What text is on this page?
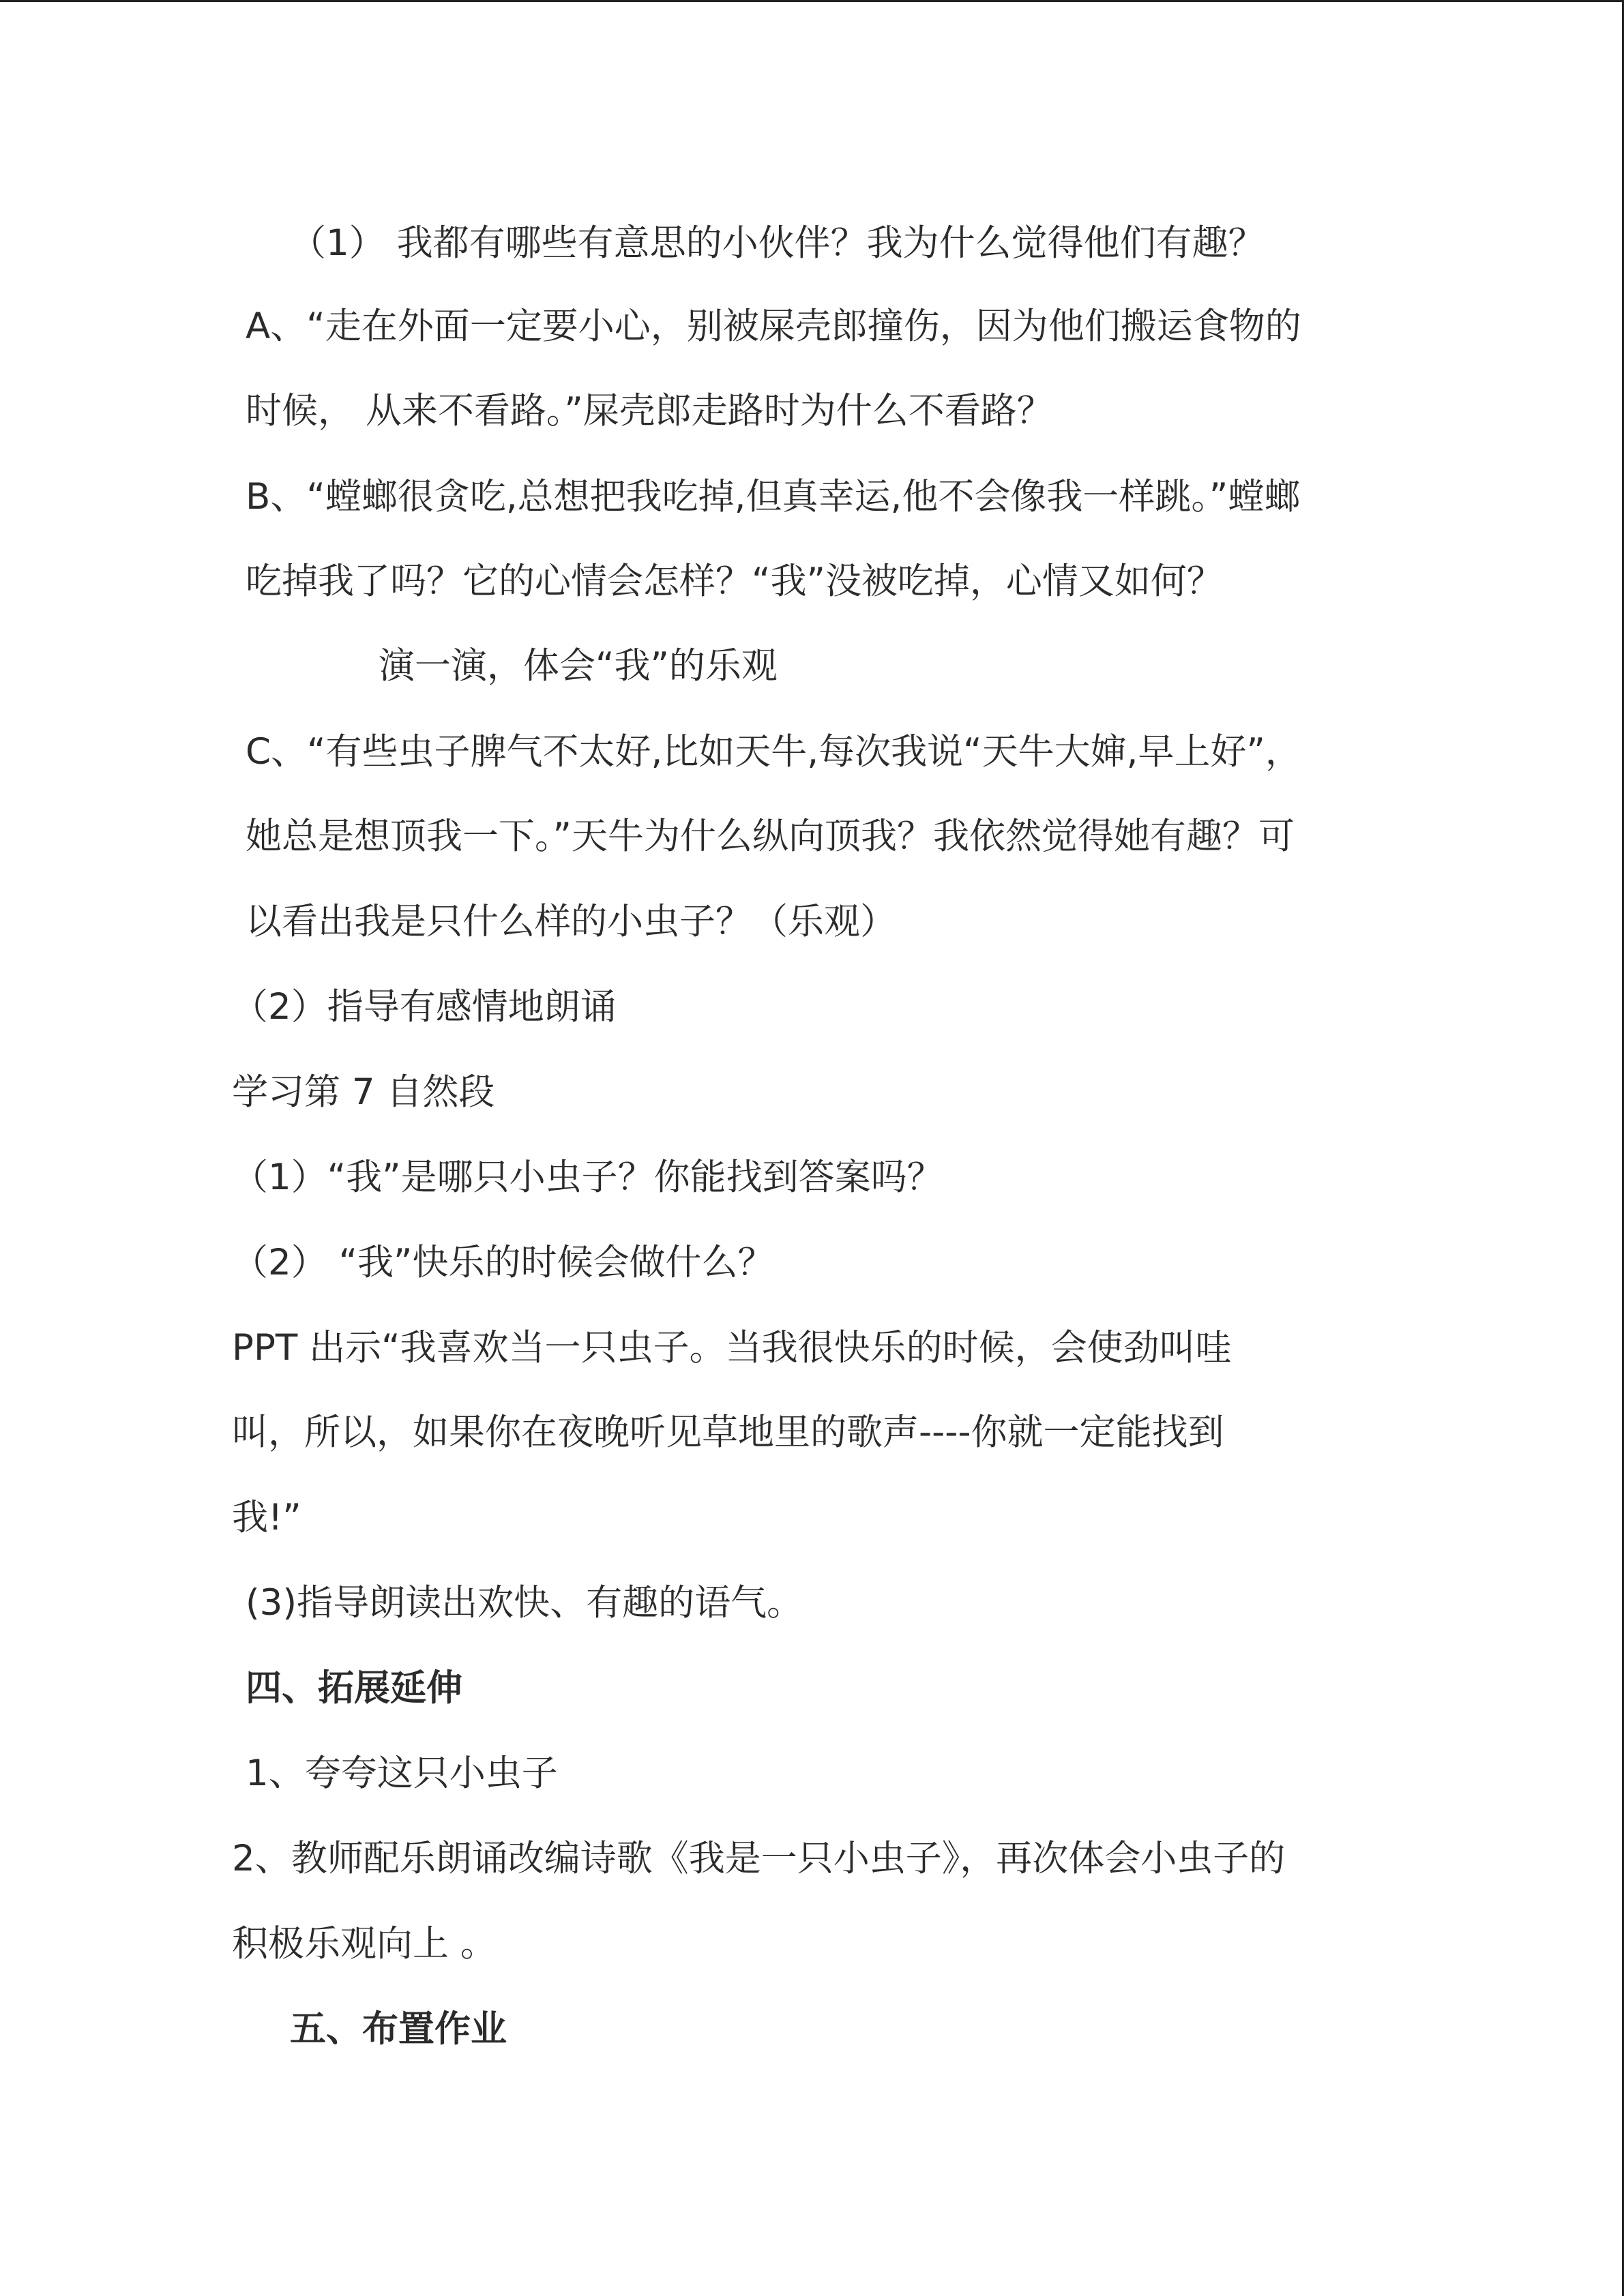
（1） 我都有哪些有意思的小伙伴？我为什么觉得他们有趣？
A、“走在外面一定要小心，别被屎壳郎撞伤，因为他们搬运食物的
时候， 从来不看路。”屎壳郎走路时为什么不看路？
B、“螳螂很贪吃,总想把我吃掉,但真幸运,他不会像我一样跳。”螳螂
吃掉我了吗？它的心情会怎样？“我”没被吃掉，心情又如何？
演一演，体会“我”的乐观
C、“有些虫子脾气不太好,比如天牛,每次我说“天牛大婶,早上好”，
她总是想顶我一下。”天牛为什么纵向顶我？我依然觉得她有趣？可
以看出我是只什么样的小虫子？（乐观）
（2）指导有感情地朗诵
学习第 7 自然段
（1）“我”是哪只小虫子？你能找到答案吗？
（2） “我”快乐的时候会做什么？
PPT 出示“我喜欢当一只虫子。当我很快乐的时候，会使劲叫哇
叫，所以，如果你在夜晚听见草地里的歌声----你就一定能找到
我!”
(3)指导朗读出欢快、有趣的语气。
四、拓展延伸
1、夸夸这只小虫子
2、教师配乐朗诵改编诗歌《我是一只小虫子》，再次体会小虫子的
积极乐观向上 。
五、布置作业
